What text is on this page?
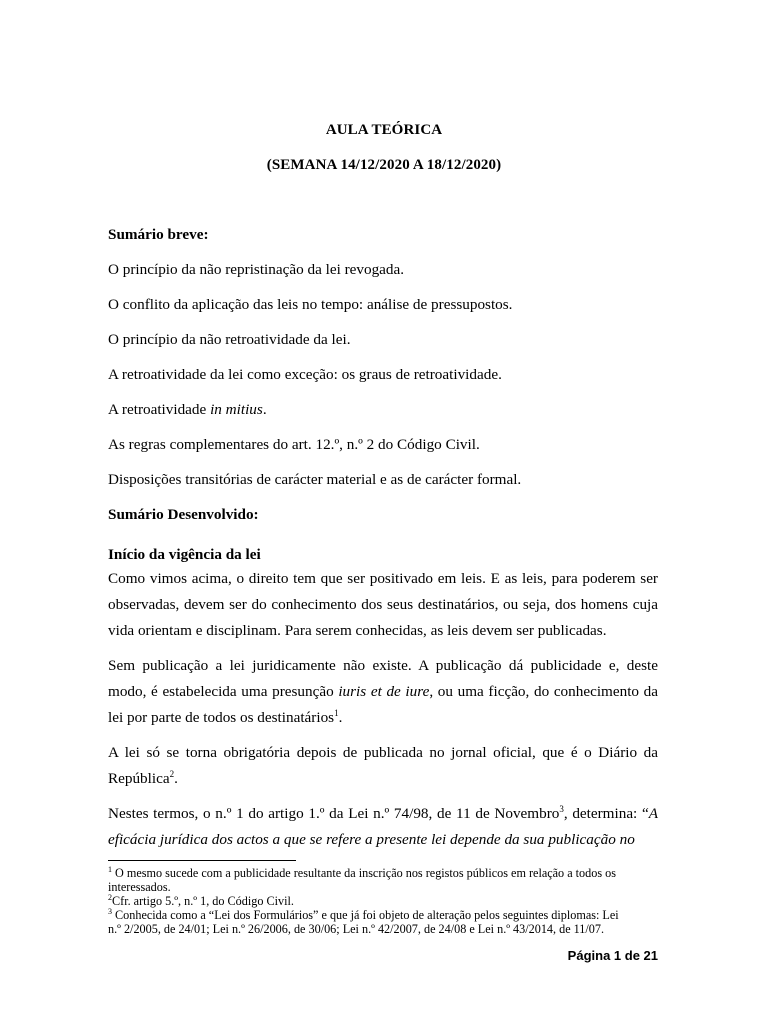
AULA TEÓRICA
(SEMANA 14/12/2020 A 18/12/2020)
Sumário breve:
O princípio da não repristinação da lei revogada.
O conflito da aplicação das leis no tempo: análise de pressupostos.
O princípio da não retroatividade da lei.
A retroatividade da lei como exceção: os graus de retroatividade.
A retroatividade in mitius.
As regras complementares do art. 12.º, n.º 2 do Código Civil.
Disposições transitórias de carácter material e as de carácter formal.
Sumário Desenvolvido:
Início da vigência da lei
Como vimos acima, o direito tem que ser positivado em leis. E as leis, para poderem ser
observadas, devem ser do conhecimento dos seus destinatários, ou seja, dos homens cuja
vida orientam e disciplinam. Para serem conhecidas, as leis devem ser publicadas.
Sem publicação a lei juridicamente não existe. A publicação dá publicidade e, deste
modo, é estabelecida uma presunção iuris et de iure, ou uma ficção, do conhecimento da
lei por parte de todos os destinatários$^1$.
A lei só se torna obrigatória depois de publicada no jornal oficial, que é o Diário da
República$^2$.
Nestes termos, o n.º 1 do artigo 1.º da Lei n.º 74/98, de 11 de Novembro$^3$, determina: “A
eficácia jurídica dos actos a que se refere a presente lei depende da sua publicação no
$^1$ O mesmo sucede com a publicidade resultante da inscrição nos registos públicos em relação a todos os
interessados.
$^2$Cfr. artigo 5.º, n.º 1, do Código Civil.
$^3$ Conhecida como a “Lei dos Formulários” e que já foi objeto de alteração pelos seguintes diplomas: Lei
n.º 2/2005, de 24/01; Lei n.º 26/2006, de 30/06; Lei n.º 42/2007, de 24/08 e Lei n.º 43/2014, de 11/07.
Página 1 de 21
